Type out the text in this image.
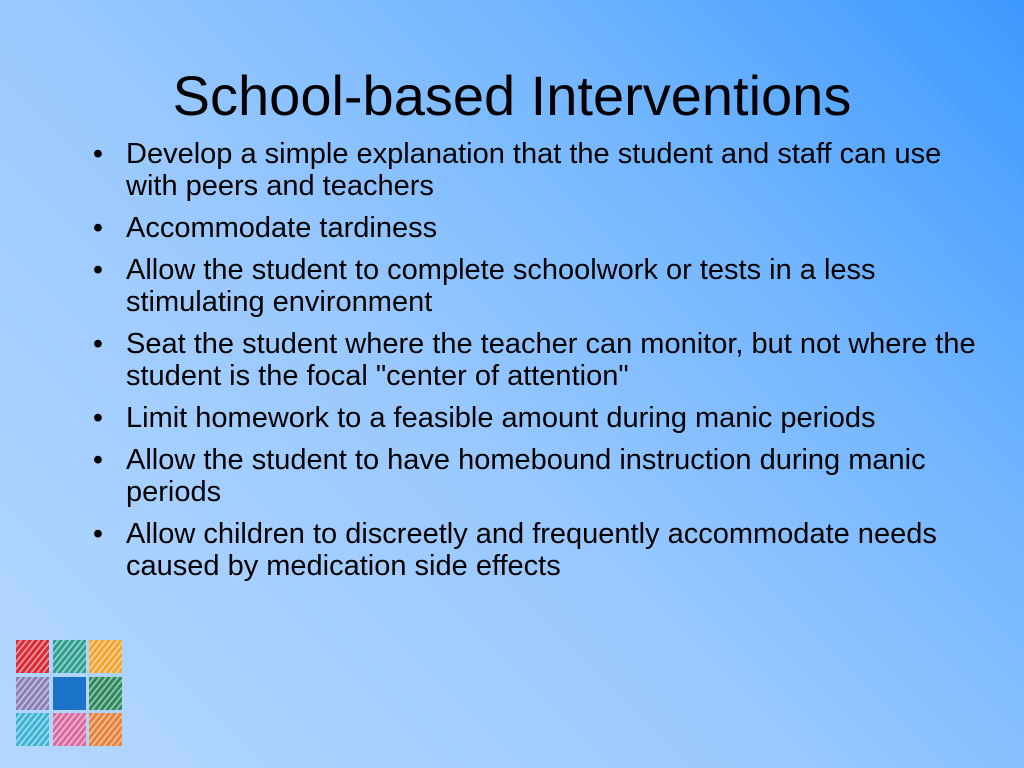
School-based Interventions
• Develop a simple explanation that the student and staff can use with peers and teachers
• Accommodate tardiness
• Allow the student to complete schoolwork or tests in a less stimulating environment
• Seat the student where the teacher can monitor, but not where the student is the focal "center of attention"
• Limit homework to a feasible amount during manic periods
• Allow the student to have homebound instruction during manic periods
• Allow children to discreetly and frequently accommodate needs caused by medication side effects
